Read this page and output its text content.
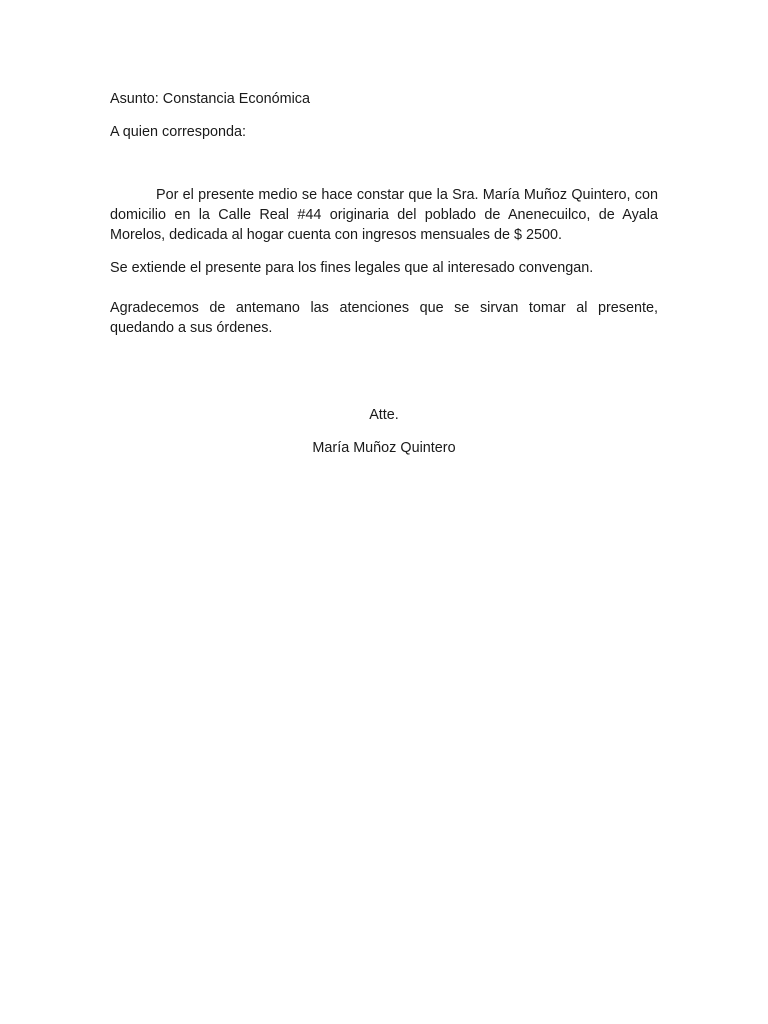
Asunto: Constancia Económica

A quien corresponda:

Por el presente medio se hace constar que la Sra. María Muñoz Quintero, con domicilio en la Calle Real #44 originaria del poblado de Anenecuilco, de Ayala Morelos, dedicada al hogar cuenta con ingresos mensuales de $ 2500.

Se extiende el presente para los fines legales que al interesado convengan.

Agradecemos de antemano las atenciones que se sirvan tomar al presente, quedando a sus órdenes.

Atte.

María Muñoz Quintero
